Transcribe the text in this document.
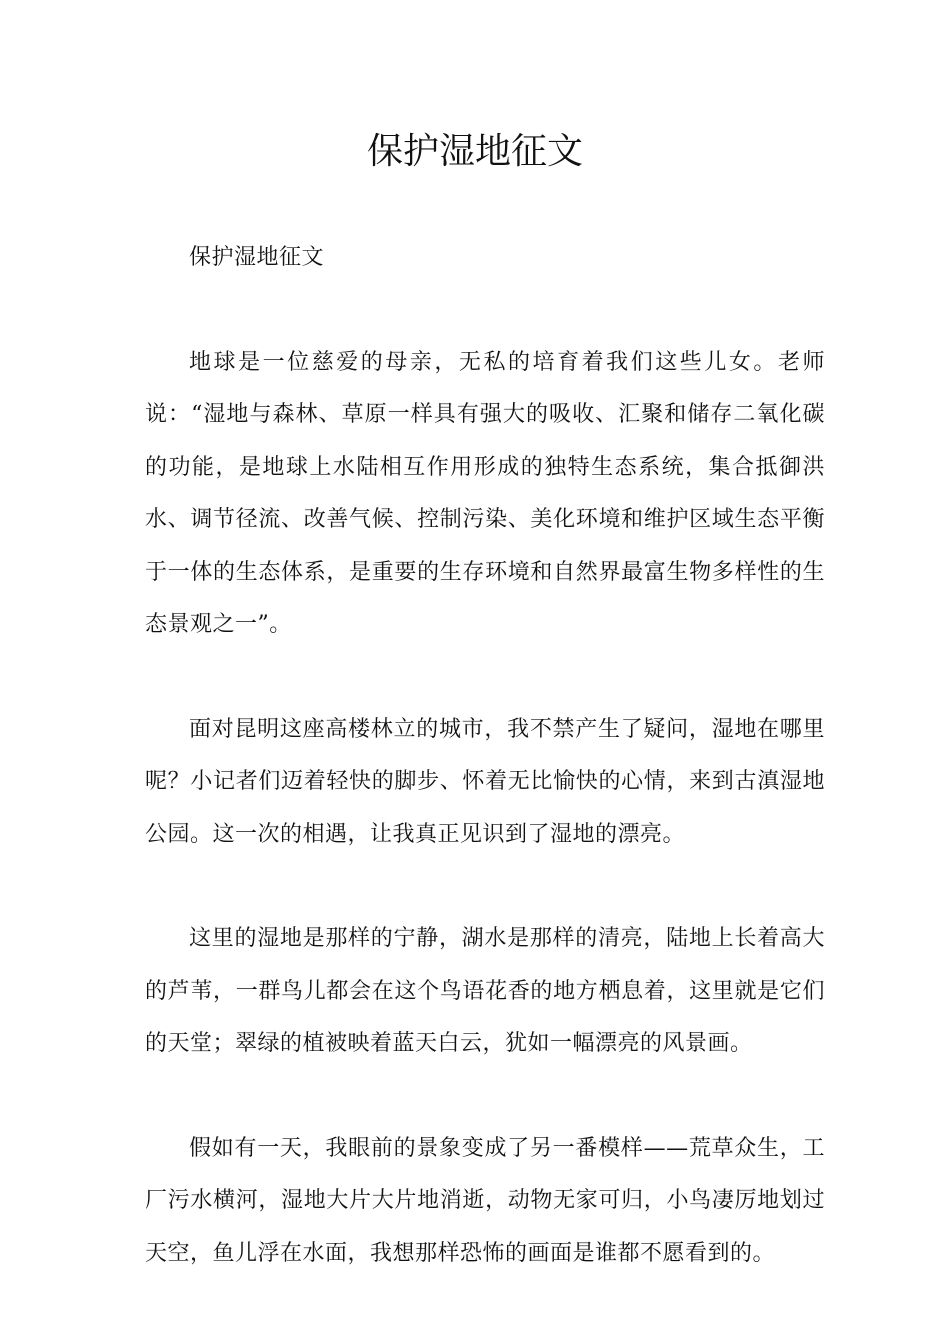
保护湿地征文

保护湿地征文

地球是一位慈爱的母亲，无私的培育着我们这些儿女。老师说：“湿地与森林、草原一样具有强大的吸收、汇聚和储存二氧化碳的功能，是地球上水陆相互作用形成的独特生态系统，集合抵御洪水、调节径流、改善气候、控制污染、美化环境和维护区域生态平衡于一体的生态体系，是重要的生存环境和自然界最富生物多样性的生态景观之一”。

面对昆明这座高楼林立的城市，我不禁产生了疑问，湿地在哪里呢？小记者们迈着轻快的脚步、怀着无比愉快的心情，来到古滇湿地公园。这一次的相遇，让我真正见识到了湿地的漂亮。

这里的湿地是那样的宁静，湖水是那样的清亮，陆地上长着高大的芦苇，一群鸟儿都会在这个鸟语花香的地方栖息着，这里就是它们的天堂；翠绿的植被映着蓝天白云，犹如一幅漂亮的风景画。

假如有一天，我眼前的景象变成了另一番模样——荒草众生，工厂污水横河，湿地大片大片地消逝，动物无家可归，小鸟凄厉地划过天空，鱼儿浮在水面，我想那样恐怖的画面是谁都不愿看到的。
